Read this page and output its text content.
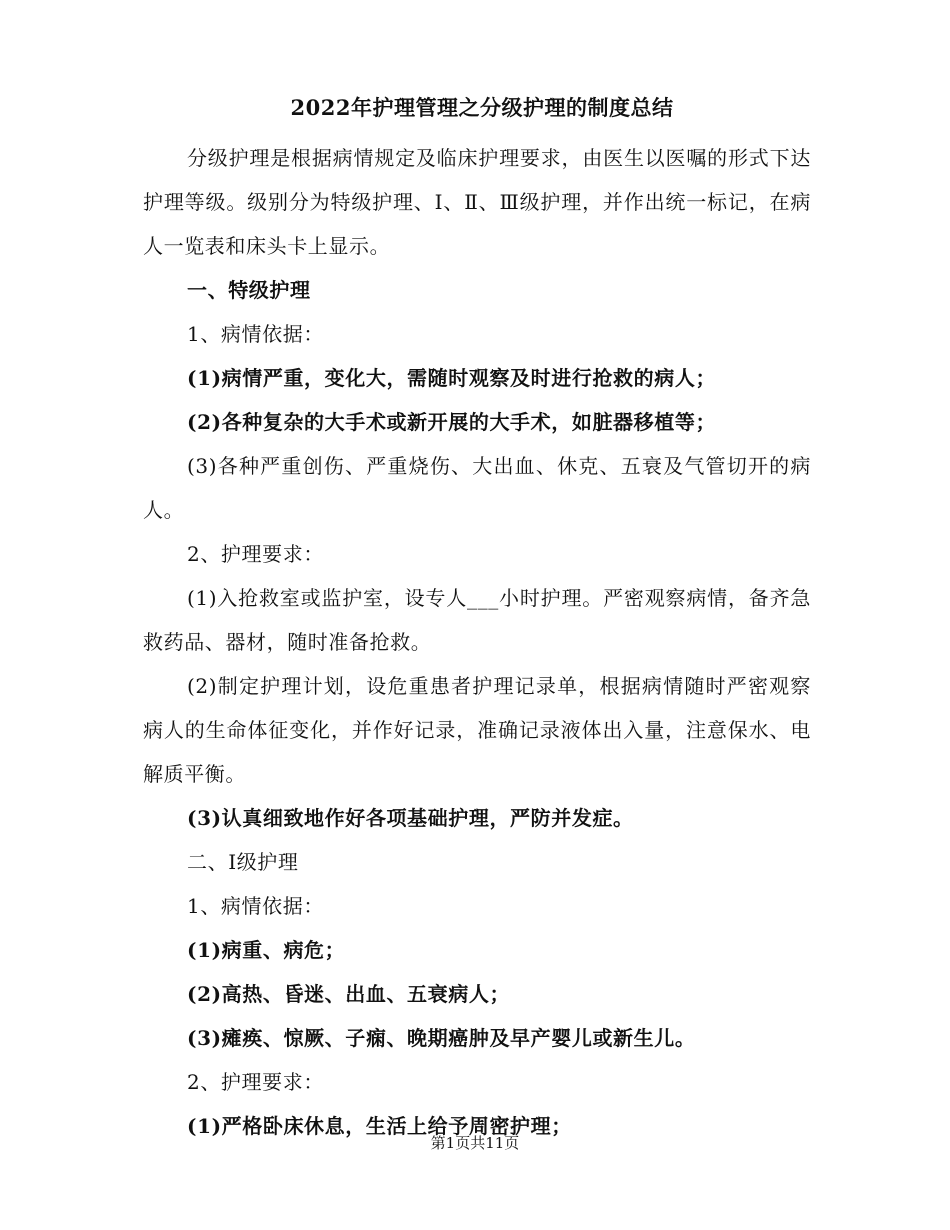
2022年护理管理之分级护理的制度总结

分级护理是根据病情规定及临床护理要求，由医生以医嘱的形式下达护理等级。级别分为特级护理、Ⅰ、Ⅱ、Ⅲ级护理，并作出统一标记，在病人一览表和床头卡上显示。

一、特级护理

1、病情依据：

(1)病情严重，变化大，需随时观察及时进行抢救的病人；

(2)各种复杂的大手术或新开展的大手术，如脏器移植等；

(3)各种严重创伤、严重烧伤、大出血、休克、五衰及气管切开的病人。

2、护理要求：

(1)入抢救室或监护室，设专人___小时护理。严密观察病情，备齐急救药品、器材，随时准备抢救。

(2)制定护理计划，设危重患者护理记录单，根据病情随时严密观察病人的生命体征变化，并作好记录，准确记录液体出入量，注意保水、电解质平衡。

(3)认真细致地作好各项基础护理，严防并发症。

二、Ⅰ级护理

1、病情依据：

(1)病重、病危；

(2)高热、昏迷、出血、五衰病人；

(3)瘫痪、惊厥、子痫、晚期癌肿及早产婴儿或新生儿。

2、护理要求：

(1)严格卧床休息，生活上给予周密护理；

第1页共11页
